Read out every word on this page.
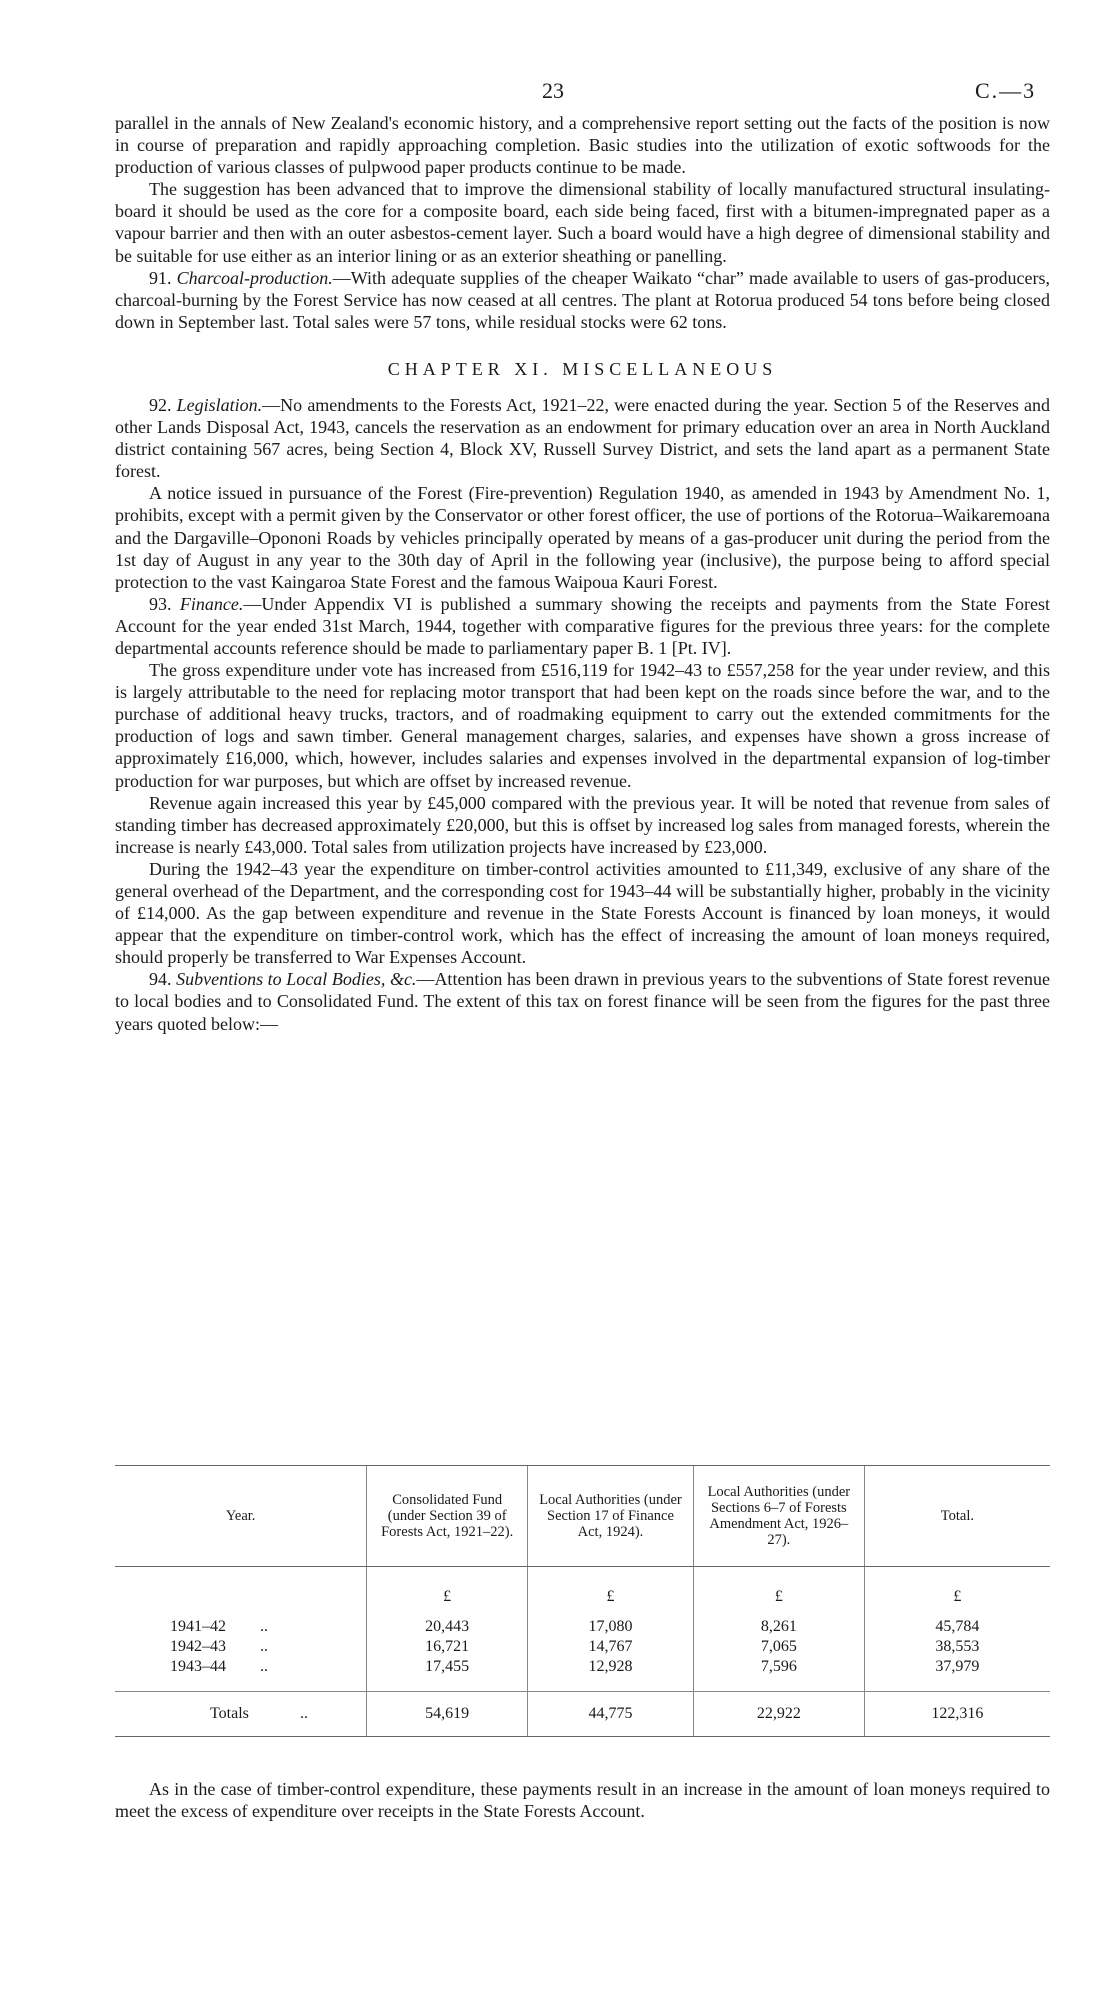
23	C.—3

parallel in the annals of New Zealand's economic history, and a comprehensive report setting out the facts of the position is now in course of preparation and rapidly approaching completion. Basic studies into the utilization of exotic softwoods for the production of various classes of pulpwood paper products continue to be made.

The suggestion has been advanced that to improve the dimensional stability of locally manufactured structural insulating-board it should be used as the core for a composite board, each side being faced, first with a bitumen-impregnated paper as a vapour barrier and then with an outer asbestos-cement layer. Such a board would have a high degree of dimensional stability and be suitable for use either as an interior lining or as an exterior sheathing or panelling.

91. Charcoal-production.—With adequate supplies of the cheaper Waikato “char” made available to users of gas-producers, charcoal-burning by the Forest Service has now ceased at all centres. The plant at Rotorua produced 54 tons before being closed down in September last. Total sales were 57 tons, while residual stocks were 62 tons.

CHAPTER XI. MISCELLANEOUS

92. Legislation.—No amendments to the Forests Act, 1921–22, were enacted during the year. Section 5 of the Reserves and other Lands Disposal Act, 1943, cancels the reservation as an endowment for primary education over an area in North Auckland district containing 567 acres, being Section 4, Block XV, Russell Survey District, and sets the land apart as a permanent State forest.

A notice issued in pursuance of the Forest (Fire-prevention) Regulation 1940, as amended in 1943 by Amendment No. 1, prohibits, except with a permit given by the Conservator or other forest officer, the use of portions of the Rotorua–Waikaremoana and the Dargaville–Opononi Roads by vehicles principally operated by means of a gas-producer unit during the period from the 1st day of August in any year to the 30th day of April in the following year (inclusive), the purpose being to afford special protection to the vast Kaingaroa State Forest and the famous Waipoua Kauri Forest.

93. Finance.—Under Appendix VI is published a summary showing the receipts and payments from the State Forest Account for the year ended 31st March, 1944, together with comparative figures for the previous three years: for the complete departmental accounts reference should be made to parliamentary paper B. 1 [Pt. IV].

The gross expenditure under vote has increased from £516,119 for 1942–43 to £557,258 for the year under review, and this is largely attributable to the need for replacing motor transport that had been kept on the roads since before the war, and to the purchase of additional heavy trucks, tractors, and of roadmaking equipment to carry out the extended commitments for the production of logs and sawn timber. General management charges, salaries, and expenses have shown a gross increase of approximately £16,000, which, however, includes salaries and expenses involved in the departmental expansion of log-timber production for war purposes, but which are offset by increased revenue.

Revenue again increased this year by £45,000 compared with the previous year. It will be noted that revenue from sales of standing timber has decreased approximately £20,000, but this is offset by increased log sales from managed forests, wherein the increase is nearly £43,000. Total sales from utilization projects have increased by £23,000.

During the 1942–43 year the expenditure on timber-control activities amounted to £11,349, exclusive of any share of the general overhead of the Department, and the corresponding cost for 1943–44 will be substantially higher, probably in the vicinity of £14,000. As the gap between expenditure and revenue in the State Forests Account is financed by loan moneys, it would appear that the expenditure on timber-control work, which has the effect of increasing the amount of loan moneys required, should properly be transferred to War Expenses Account.

94. Subventions to Local Bodies, &c.—Attention has been drawn in previous years to the subventions of State forest revenue to local bodies and to Consolidated Fund. The extent of this tax on forest finance will be seen from the figures for the past three years quoted below:—

Year.	Consolidated Fund (under Section 39 of Forests Act, 1921–22).	Local Authorities (under Section 17 of Finance Act, 1924).	Local Authorities (under Sections 6–7 of Forests Amendment Act, 1926–27).	Total.
	£	£	£	£
1941–42 ..	20,443	17,080	8,261	45,784
1942–43 ..	16,721	14,767	7,065	38,553
1943–44 ..	17,455	12,928	7,596	37,979
Totals ..	54,619	44,775	22,922	122,316

As in the case of timber-control expenditure, these payments result in an increase in the amount of loan moneys required to meet the excess of expenditure over receipts in the State Forests Account.
